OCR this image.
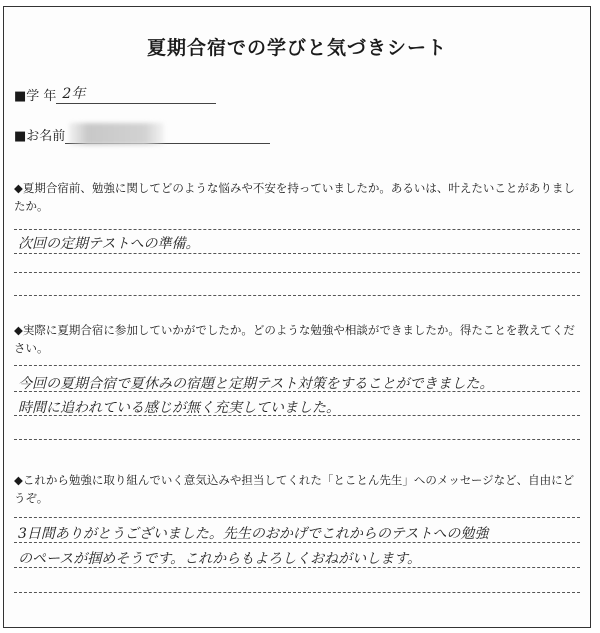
夏期合宿での学びと気づきシート
■学 年 2年
■お名前
◆夏期合宿前、勉強に関してどのような悩みや不安を持っていましたか。あるいは、叶えたいことがありましたか。
次回の定期テストへの準備。
◆実際に夏期合宿に参加していかがでしたか。どのような勉強や相談ができましたか。得たことを教えてください。
今回の夏期合宿で夏休みの宿題と定期テスト対策をすることができました。
時間に追われている感じが無く充実していました。
◆これから勉強に取り組んでいく意気込みや担当してくれた「とことん先生」へのメッセージなど、自由にどうぞ。
3日間ありがとうございました。先生のおかげでこれからのテストへの勉強
のペースが掴めそうです。これからもよろしくおねがいします。
